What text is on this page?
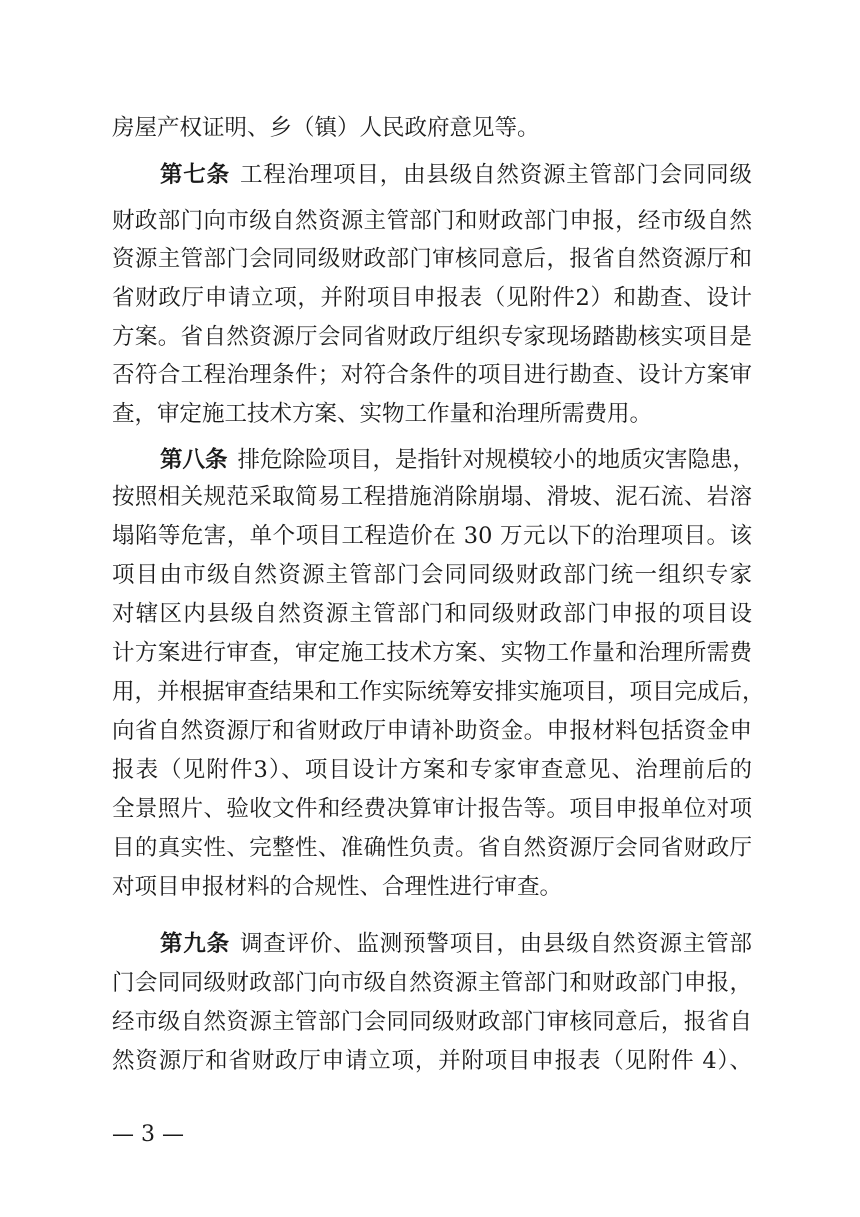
房屋产权证明、乡（镇）人民政府意见等。
第七条 工程治理项目，由县级自然资源主管部门会同同级
财政部门向市级自然资源主管部门和财政部门申报，经市级自然
资源主管部门会同同级财政部门审核同意后，报省自然资源厅和
省财政厅申请立项，并附项目申报表（见附件2）和勘查、设计
方案。省自然资源厅会同省财政厅组织专家现场踏勘核实项目是
否符合工程治理条件；对符合条件的项目进行勘查、设计方案审
查，审定施工技术方案、实物工作量和治理所需费用。
第八条 排危除险项目，是指针对规模较小的地质灾害隐患，
按照相关规范采取简易工程措施消除崩塌、滑坡、泥石流、岩溶
塌陷等危害，单个项目工程造价在 30 万元以下的治理项目。该
项目由市级自然资源主管部门会同同级财政部门统一组织专家
对辖区内县级自然资源主管部门和同级财政部门申报的项目设
计方案进行审查，审定施工技术方案、实物工作量和治理所需费
用，并根据审查结果和工作实际统筹安排实施项目，项目完成后，
向省自然资源厅和省财政厅申请补助资金。申报材料包括资金申
报表（见附件3）、项目设计方案和专家审查意见、治理前后的
全景照片、验收文件和经费决算审计报告等。项目申报单位对项
目的真实性、完整性、准确性负责。省自然资源厅会同省财政厅
对项目申报材料的合规性、合理性进行审查。
第九条 调查评价、监测预警项目，由县级自然资源主管部
门会同同级财政部门向市级自然资源主管部门和财政部门申报，
经市级自然资源主管部门会同同级财政部门审核同意后，报省自
然资源厅和省财政厅申请立项，并附项目申报表（见附件 4）、
— 3 —
